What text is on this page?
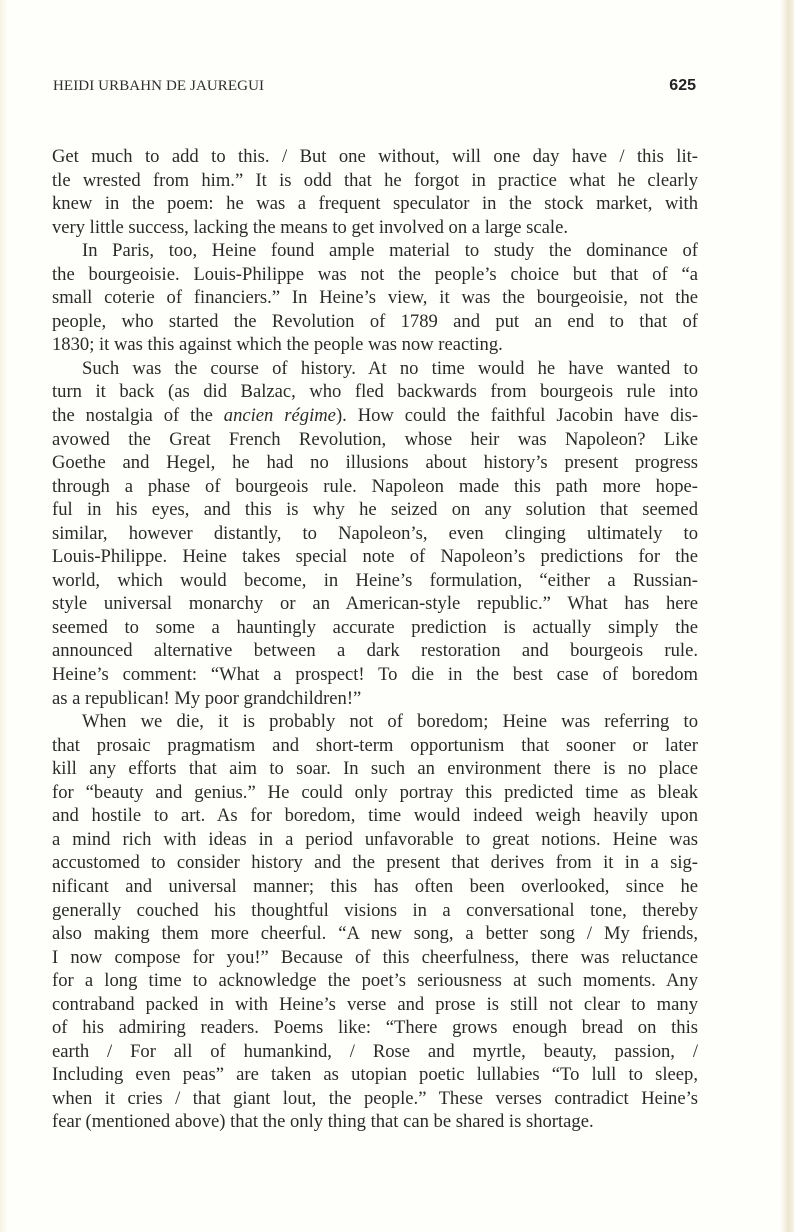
HEIDI URBAHN DE JAUREGUI	625
Get much to add to this. / But one without, will one day have / this lit-
tle wrested from him.” It is odd that he forgot in practice what he clearly
knew in the poem: he was a frequent speculator in the stock market, with
very little success, lacking the means to get involved on a large scale.
In Paris, too, Heine found ample material to study the dominance of
the bourgeoisie. Louis-Philippe was not the people’s choice but that of “a
small coterie of financiers.” In Heine’s view, it was the bourgeoisie, not the
people, who started the Revolution of 1789 and put an end to that of
1830; it was this against which the people was now reacting.
Such was the course of history. At no time would he have wanted to
turn it back (as did Balzac, who fled backwards from bourgeois rule into
the nostalgia of the ancien régime). How could the faithful Jacobin have dis-
avowed the Great French Revolution, whose heir was Napoleon? Like
Goethe and Hegel, he had no illusions about history’s present progress
through a phase of bourgeois rule. Napoleon made this path more hope-
ful in his eyes, and this is why he seized on any solution that seemed
similar, however distantly, to Napoleon’s, even clinging ultimately to
Louis-Philippe. Heine takes special note of Napoleon’s predictions for the
world, which would become, in Heine’s formulation, “either a Russian-
style universal monarchy or an American-style republic.” What has here
seemed to some a hauntingly accurate prediction is actually simply the
announced alternative between a dark restoration and bourgeois rule.
Heine’s comment: “What a prospect! To die in the best case of boredom
as a republican! My poor grandchildren!”
When we die, it is probably not of boredom; Heine was referring to
that prosaic pragmatism and short-term opportunism that sooner or later
kill any efforts that aim to soar. In such an environment there is no place
for “beauty and genius.” He could only portray this predicted time as bleak
and hostile to art. As for boredom, time would indeed weigh heavily upon
a mind rich with ideas in a period unfavorable to great notions. Heine was
accustomed to consider history and the present that derives from it in a sig-
nificant and universal manner; this has often been overlooked, since he
generally couched his thoughtful visions in a conversational tone, thereby
also making them more cheerful. “A new song, a better song / My friends,
I now compose for you!” Because of this cheerfulness, there was reluctance
for a long time to acknowledge the poet’s seriousness at such moments. Any
contraband packed in with Heine’s verse and prose is still not clear to many
of his admiring readers. Poems like: “There grows enough bread on this
earth / For all of humankind, / Rose and myrtle, beauty, passion, /
Including even peas” are taken as utopian poetic lullabies “To lull to sleep,
when it cries / that giant lout, the people.” These verses contradict Heine’s
fear (mentioned above) that the only thing that can be shared is shortage.
